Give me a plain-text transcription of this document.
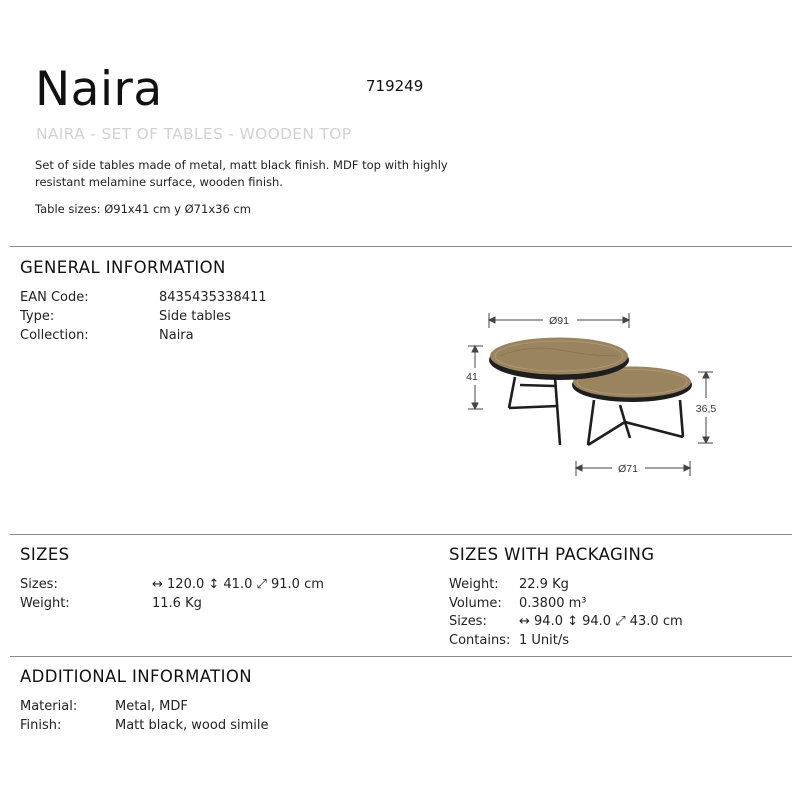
Naira	719249
NAIRA - SET OF TABLES - WOODEN TOP
Set of side tables made of metal, matt black finish. MDF top with highly resistant melamine surface, wooden finish.
Table sizes: Ø91x41 cm y Ø71x36 cm
GENERAL INFORMATION
EAN Code:	8435435338411
Type:	Side tables
Collection:	Naira
Ø91
41
36,5
Ø71
SIZES
Sizes:	↔ 120.0 ↕ 41.0 ⤢ 91.0 cm
Weight:	11.6 Kg
SIZES WITH PACKAGING
Weight: 22.9 Kg
Volume: 0.3800 m³
Sizes: ↔ 94.0 ↕ 94.0 ⤢ 43.0 cm
Contains: 1 Unit/s
ADDITIONAL INFORMATION
Material:	Metal, MDF
Finish:	Matt black, wood simile
